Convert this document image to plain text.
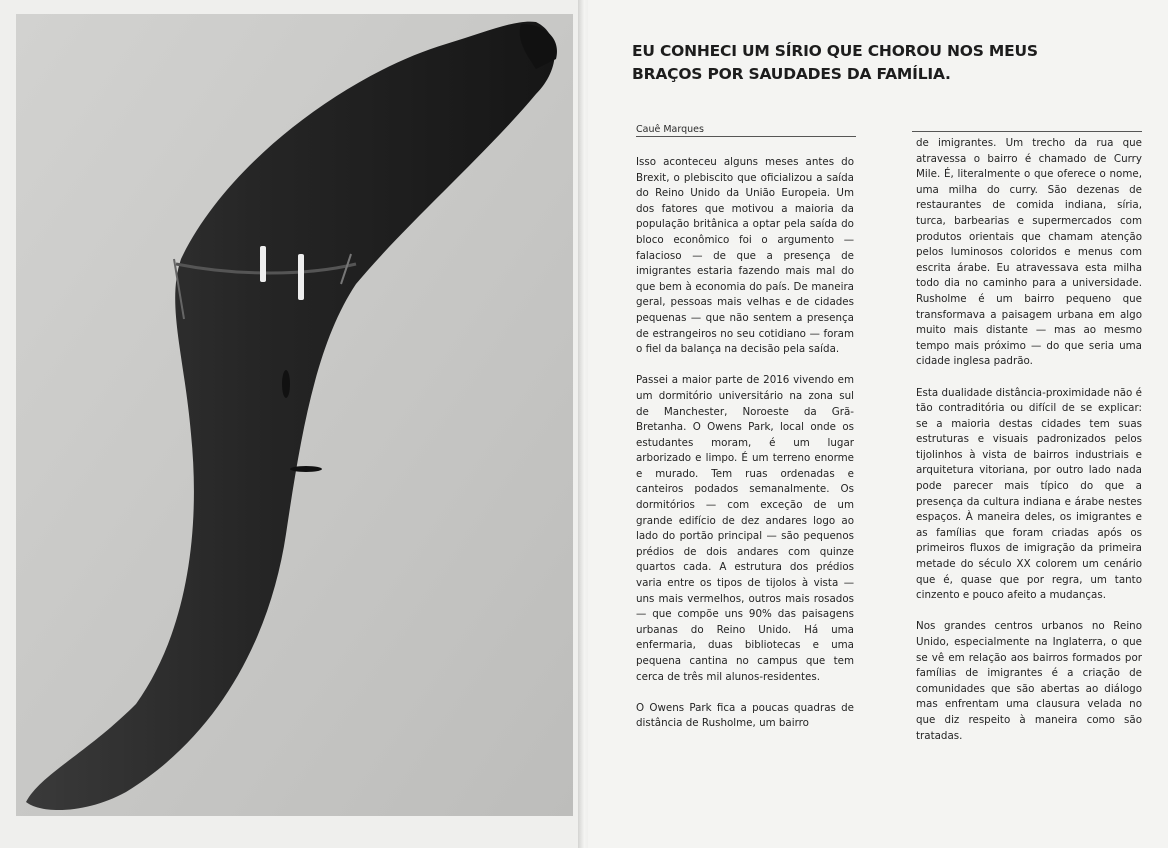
EU CONHECI UM SÍRIO QUE CHOROU NOS MEUS BRAÇOS POR SAUDADES DA FAMÍLIA.
Cauê Marques

Isso aconteceu alguns meses antes do Brexit, o plebiscito que oficializou a saída do Reino Unido da União Europeia. Um dos fatores que motivou a maioria da população britânica a optar pela saída do bloco econômico foi o argumento — falacioso — de que a presença de imigrantes estaria fazendo mais mal do que bem à economia do país. De maneira geral, pessoas mais velhas e de cidades pequenas — que não sentem a presença de estrangeiros no seu cotidiano — foram o fiel da balança na decisão pela saída.

Passei a maior parte de 2016 vivendo em um dormitório universitário na zona sul de Manchester, Noroeste da Grã-Bretanha. O Owens Park, local onde os estudantes moram, é um lugar arborizado e limpo. É um terreno enorme e murado. Tem ruas ordenadas e canteiros podados semanalmente. Os dormitórios — com exceção de um grande edifício de dez andares logo ao lado do portão principal — são pequenos prédios de dois andares com quinze quartos cada. A estrutura dos prédios varia entre os tipos de tijolos à vista — uns mais vermelhos, outros mais rosados — que compõe uns 90% das paisagens urbanas do Reino Unido. Há uma enfermaria, duas bibliotecas e uma pequena cantina no campus que tem cerca de três mil alunos-residentes.

O Owens Park fica a poucas quadras de distância de Rusholme, um bairro

de imigrantes. Um trecho da rua que atravessa o bairro é chamado de Curry Mile. É, literalmente o que oferece o nome, uma milha do curry. São dezenas de restaurantes de comida indiana, síria, turca, barbearias e supermercados com produtos orientais que chamam atenção pelos luminosos coloridos e menus com escrita árabe. Eu atravessava esta milha todo dia no caminho para a universidade. Rusholme é um bairro pequeno que transformava a paisagem urbana em algo muito mais distante — mas ao mesmo tempo mais próximo — do que seria uma cidade inglesa padrão.

Esta dualidade distância-proximidade não é tão contraditória ou difícil de se explicar: se a maioria destas cidades tem suas estruturas e visuais padronizados pelos tijolinhos à vista de bairros industriais e arquitetura vitoriana, por outro lado nada pode parecer mais típico do que a presença da cultura indiana e árabe nestes espaços. À maneira deles, os imigrantes e as famílias que foram criadas após os primeiros fluxos de imigração da primeira metade do século XX colorem um cenário que é, quase que por regra, um tanto cinzento e pouco afeito a mudanças.

Nos grandes centros urbanos no Reino Unido, especialmente na Inglaterra, o que se vê em relação aos bairros formados por famílias de imigrantes é a criação de comunidades que são abertas ao diálogo mas enfrentam uma clausura velada no que diz respeito à maneira como são tratadas.
